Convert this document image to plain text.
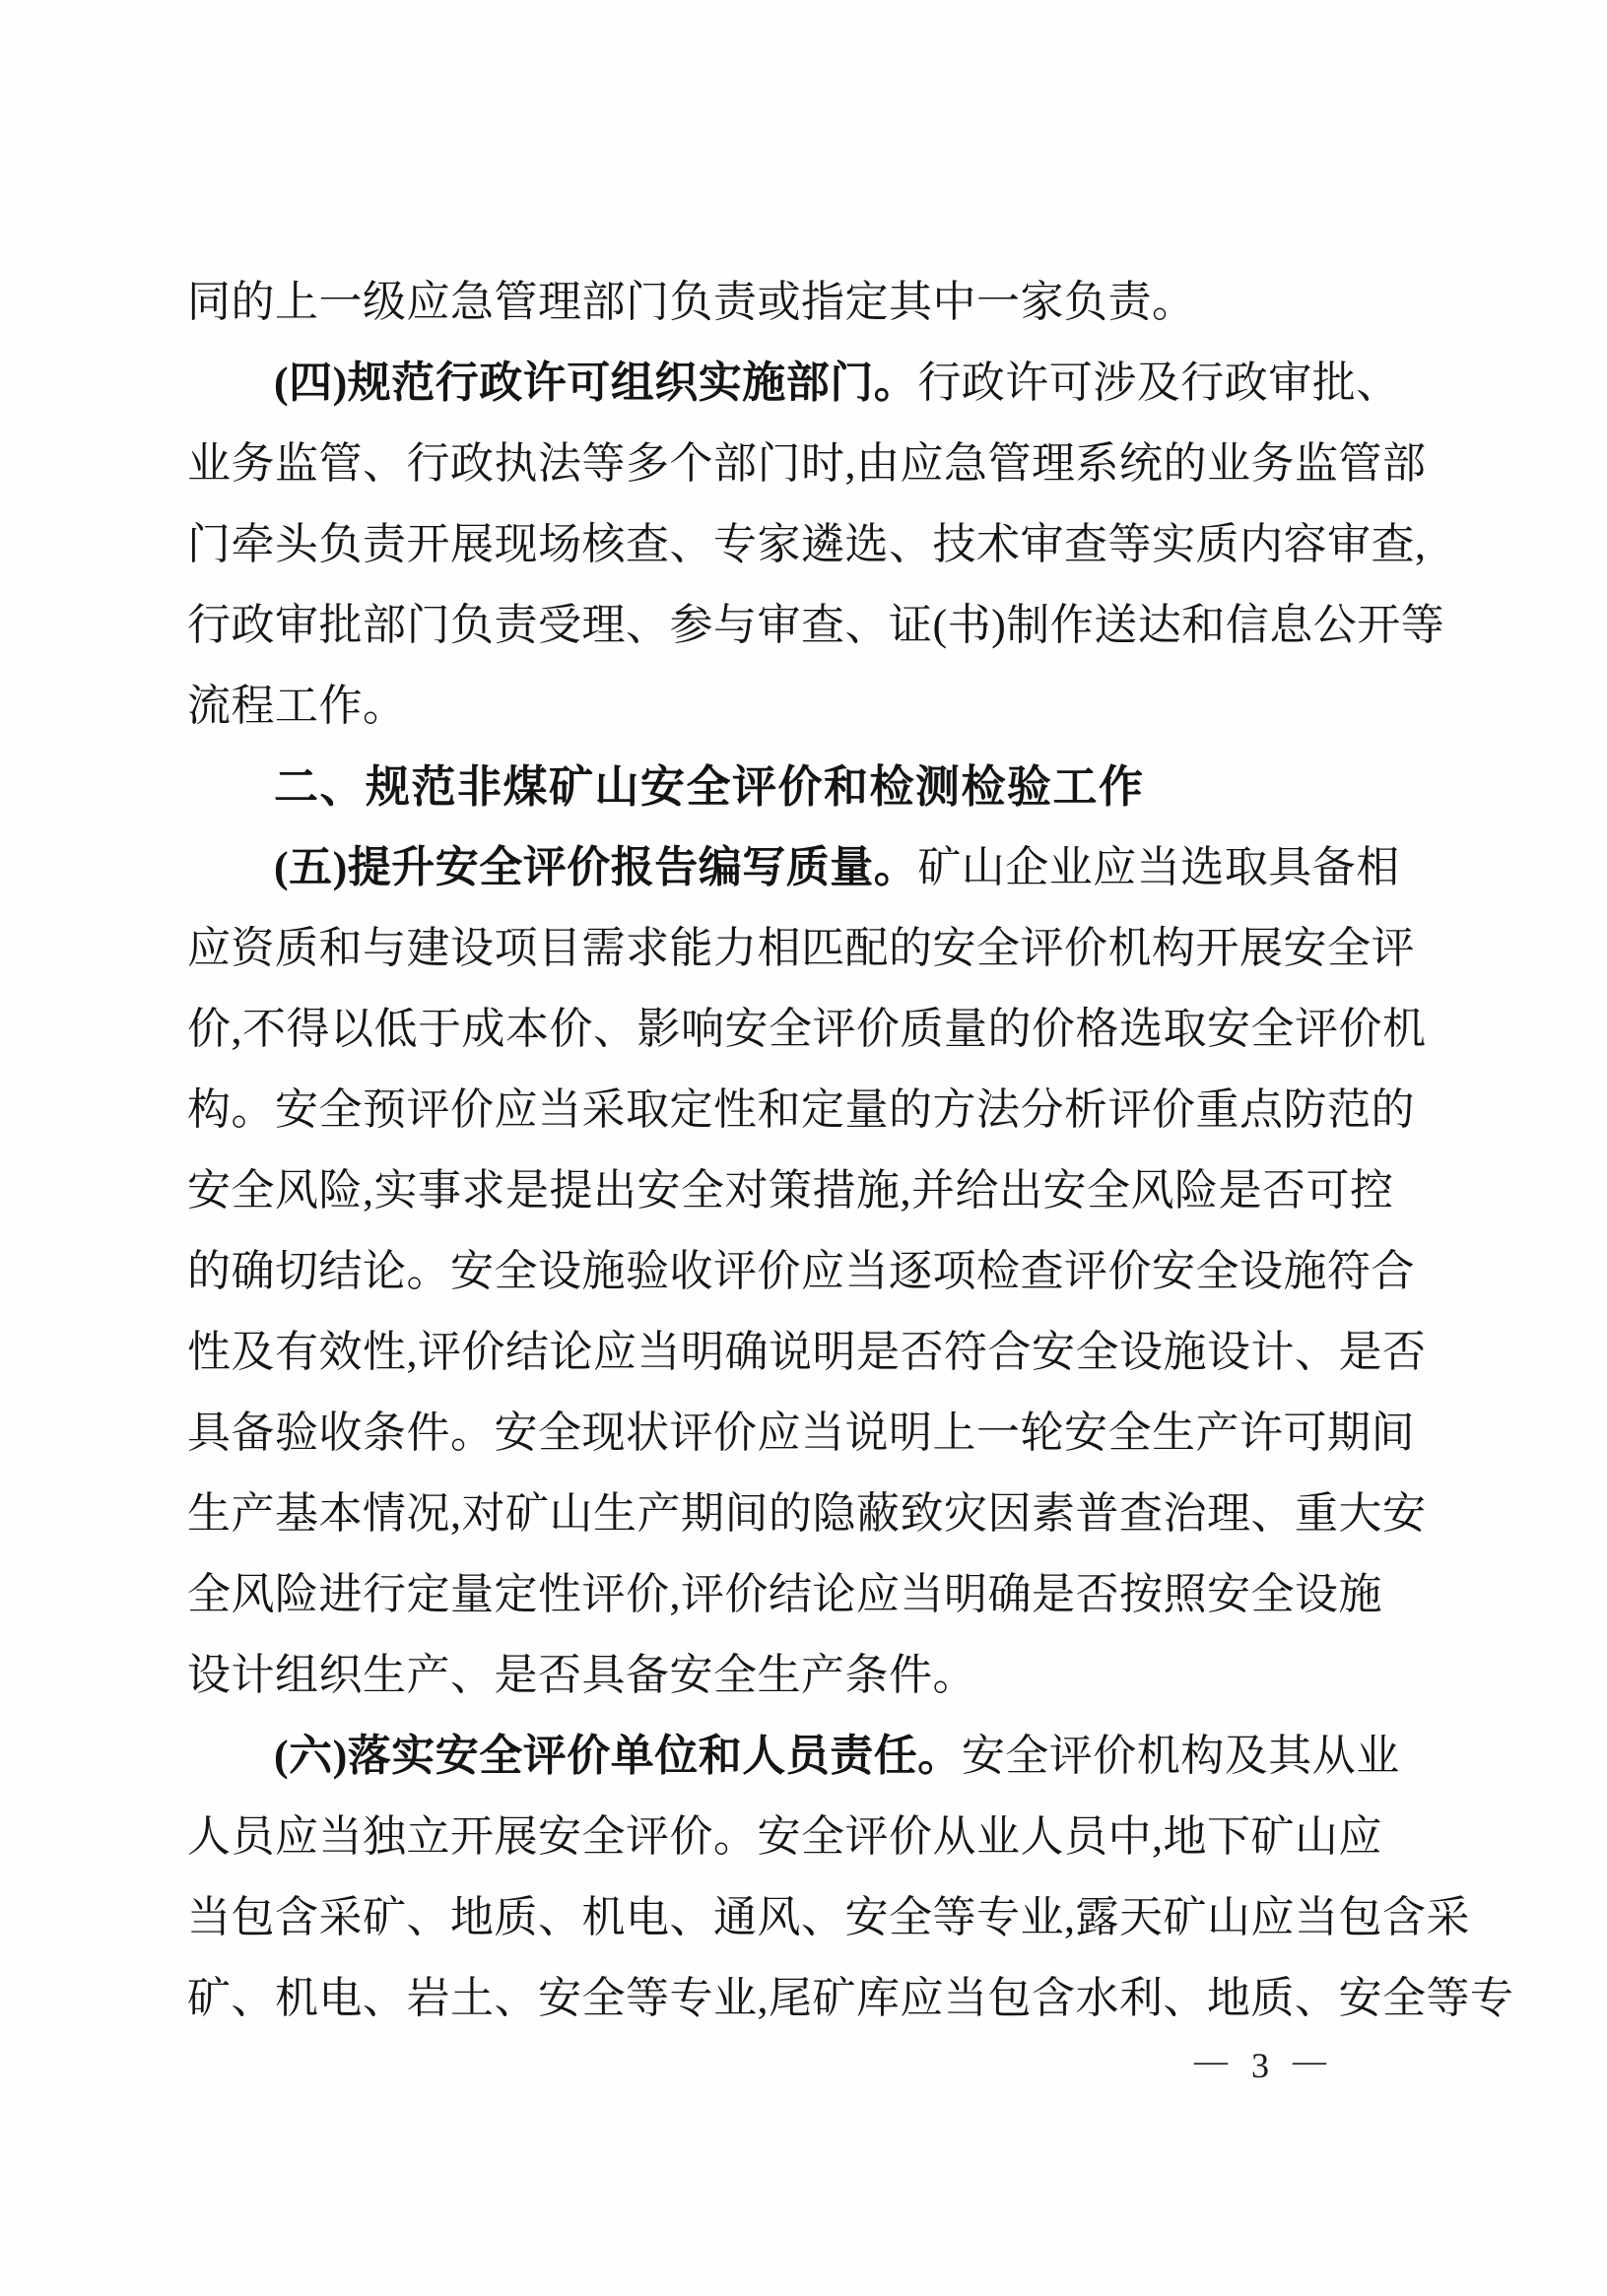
同的上一级应急管理部门负责或指定其中一家负责。
(四)规范行政许可组织实施部门。行政许可涉及行政审批、
业务监管、行政执法等多个部门时,由应急管理系统的业务监管部
门牵头负责开展现场核查、专家遴选、技术审查等实质内容审查,
行政审批部门负责受理、参与审查、证(书)制作送达和信息公开等
流程工作。
二、规范非煤矿山安全评价和检测检验工作
(五)提升安全评价报告编写质量。矿山企业应当选取具备相
应资质和与建设项目需求能力相匹配的安全评价机构开展安全评
价,不得以低于成本价、影响安全评价质量的价格选取安全评价机
构。安全预评价应当采取定性和定量的方法分析评价重点防范的
安全风险,实事求是提出安全对策措施,并给出安全风险是否可控
的确切结论。安全设施验收评价应当逐项检查评价安全设施符合
性及有效性,评价结论应当明确说明是否符合安全设施设计、是否
具备验收条件。安全现状评价应当说明上一轮安全生产许可期间
生产基本情况,对矿山生产期间的隐蔽致灾因素普查治理、重大安
全风险进行定量定性评价,评价结论应当明确是否按照安全设施
设计组织生产、是否具备安全生产条件。
(六)落实安全评价单位和人员责任。安全评价机构及其从业
人员应当独立开展安全评价。安全评价从业人员中,地下矿山应
当包含采矿、地质、机电、通风、安全等专业,露天矿山应当包含采
矿、机电、岩土、安全等专业,尾矿库应当包含水利、地质、安全等专
— 3 —
